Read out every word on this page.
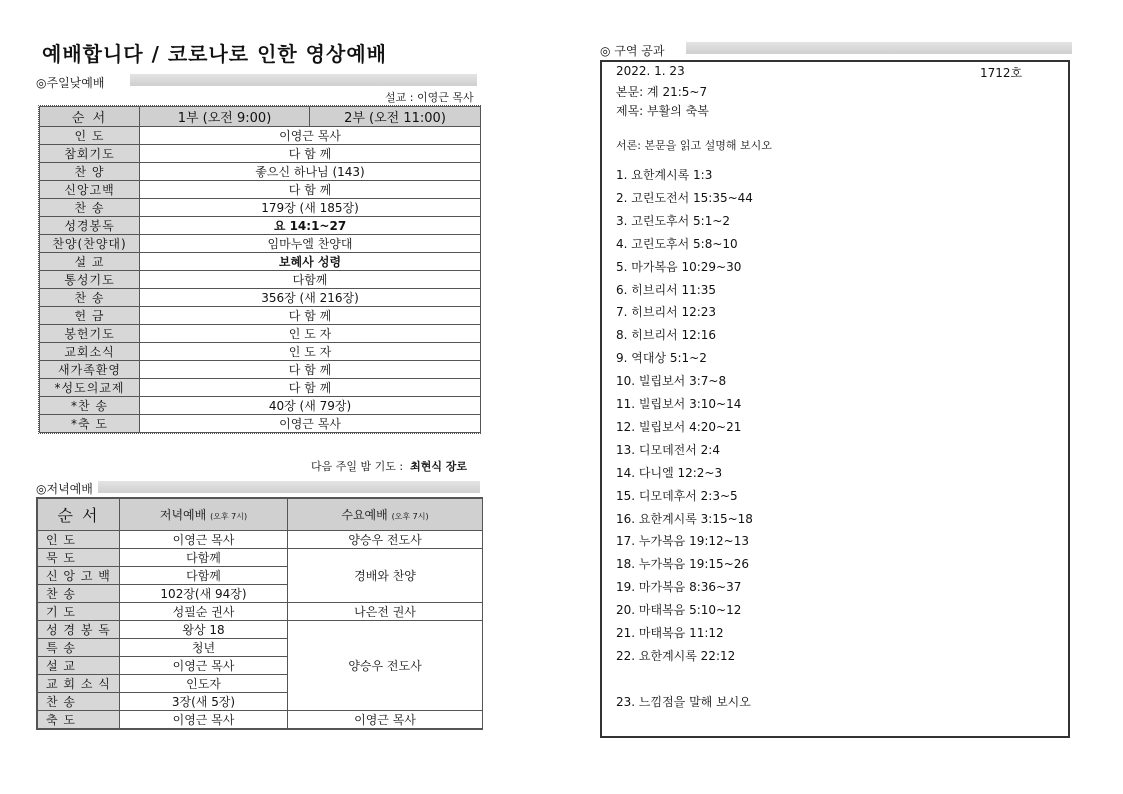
예배합니다 / 코로나로 인한 영상예배
◎주일낮예배
설교 : 이영근 목사
순 서	1부 (오전 9:00)	2부 (오전 11:00)
인 도	이영근 목사	
참회기도	다 함 께	
찬 양	좋으신 하나님 (143)	
신앙고백	다 함 께	
찬 송	179장 (새 185장)	
성경봉독	요 14:1~27	
찬양(찬양대)	임마누엘 찬양대	
설 교	보혜사 성령	
통성기도	다함께	
찬 송	356장 (새 216장)	
헌 금	다 함 께	
봉헌기도	인 도 자	
교회소식	인 도 자	
새가족환영	다 함 께	
*성도의교제	다 함 께	
*찬 송	40장 (새 79장)	
*축 도	이영근 목사	
다음 주일 밤 기도 : 최현식 장로
◎저녁예배
순 서	저녁예배 (오후 7시)	수요예배 (오후 7시)
인 도	이영근 목사	양승우 전도사
묵 도	다함께	경배와 찬양
신 앙 고 백	다함께	
찬 송	102장(새 94장)	
기 도	성필순 권사	나은전 권사
성 경 봉 독	왕상 18	양승우 전도사
특 송	청년	
설 교	이영근 목사	
교 회 소 식	인도자	
찬 송	3장(새 5장)	
축 도	이영근 목사	이영근 목사
◎ 구역 공과
2022. 1. 23	1712호
본문: 계 21:5~7
제목: 부활의 축복
서론: 본문을 읽고 설명해 보시오
1. 요한계시록 1:3
2. 고린도전서 15:35~44
3. 고린도후서 5:1~2
4. 고린도후서 5:8~10
5. 마가복음 10:29~30
6. 히브리서 11:35
7. 히브리서 12:23
8. 히브리서 12:16
9. 역대상 5:1~2
10. 빌립보서 3:7~8
11. 빌립보서 3:10~14
12. 빌립보서 4:20~21
13. 디모데전서 2:4
14. 다니엘 12:2~3
15. 디모데후서 2:3~5
16. 요한계시록 3:15~18
17. 누가복음 19:12~13
18. 누가복음 19:15~26
19. 마가복음 8:36~37
20. 마태복음 5:10~12
21. 마태복음 11:12
22. 요한계시록 22:12
23. 느낌점을 말해 보시오
